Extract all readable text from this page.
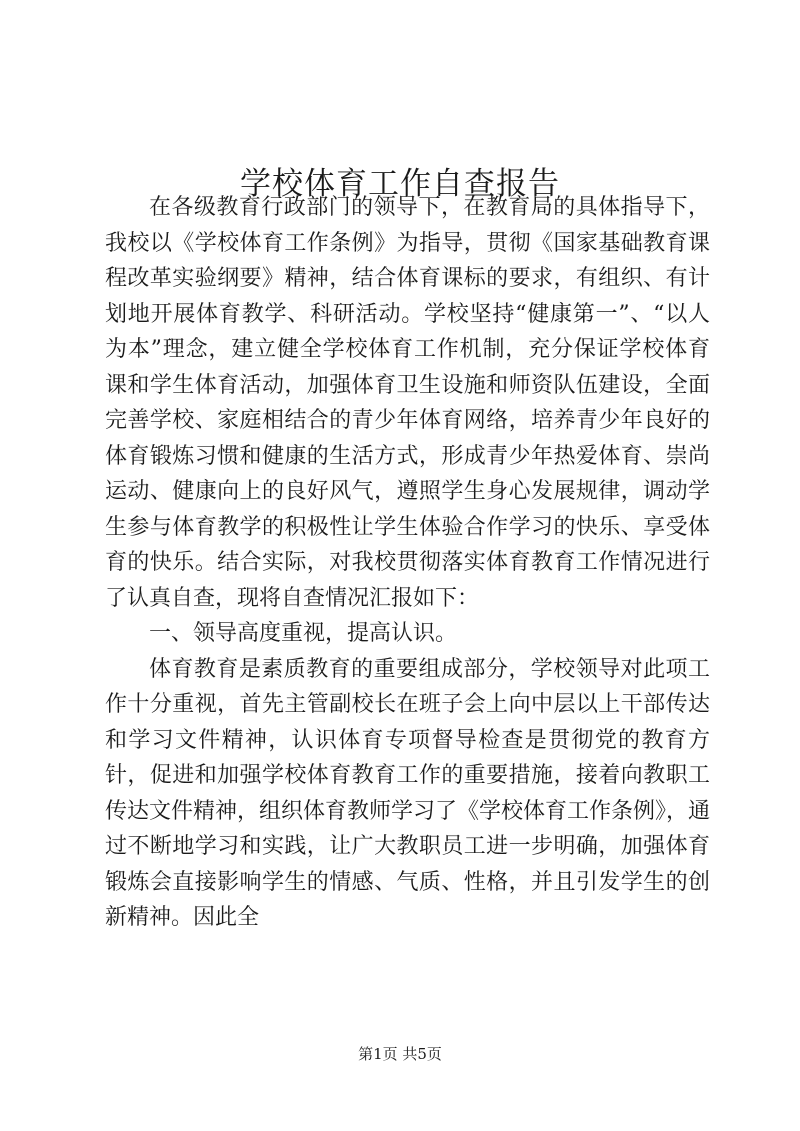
学校体育工作自查报告

在各级教育行政部门的领导下，在教育局的具体指导下，我校以《学校体育工作条例》为指导，贯彻《国家基础教育课程改革实验纲要》精神，结合体育课标的要求，有组织、有计划地开展体育教学、科研活动。学校坚持“健康第一”、“以人为本”理念，建立健全学校体育工作机制，充分保证学校体育课和学生体育活动，加强体育卫生设施和师资队伍建设，全面完善学校、家庭相结合的青少年体育网络，培养青少年良好的体育锻炼习惯和健康的生活方式，形成青少年热爱体育、崇尚运动、健康向上的良好风气，遵照学生身心发展规律，调动学生参与体育教学的积极性让学生体验合作学习的快乐、享受体育的快乐。结合实际，对我校贯彻落实体育教育工作情况进行了认真自查，现将自查情况汇报如下：

一、领导高度重视，提高认识。

体育教育是素质教育的重要组成部分，学校领导对此项工作十分重视，首先主管副校长在班子会上向中层以上干部传达和学习文件精神，认识体育专项督导检查是贯彻党的教育方针，促进和加强学校体育教育工作的重要措施，接着向教职工传达文件精神，组织体育教师学习了《学校体育工作条例》，通过不断地学习和实践，让广大教职员工进一步明确，加强体育锻炼会直接影响学生的情感、气质、性格，并且引发学生的创新精神。因此全

第1页 共5页
